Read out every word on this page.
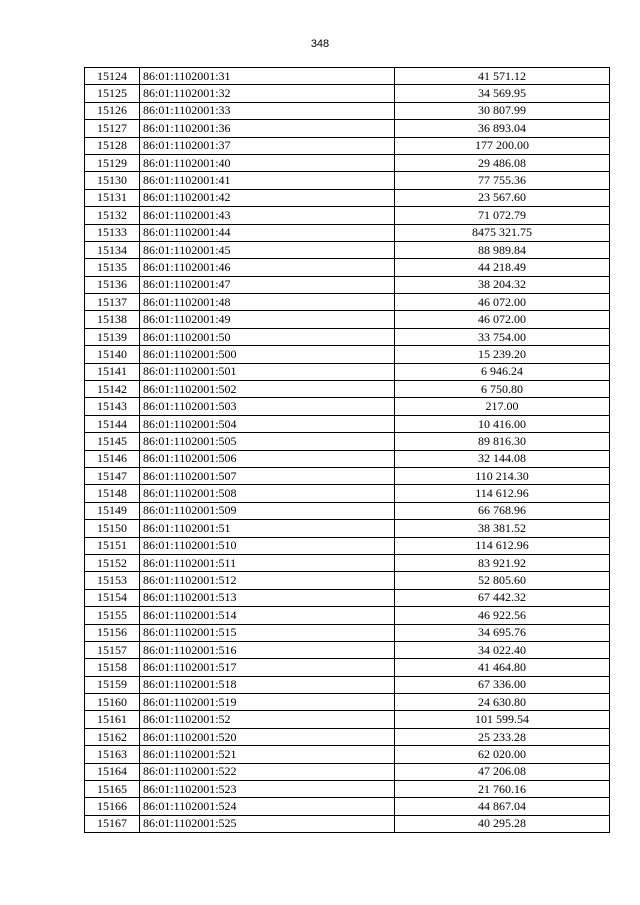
348
15124	86:01:1102001:31	41 571.12
15125	86:01:1102001:32	34 569.95
15126	86:01:1102001:33	30 807.99
15127	86:01:1102001:36	36 893.04
15128	86:01:1102001:37	177 200.00
15129	86:01:1102001:40	29 486.08
15130	86:01:1102001:41	77 755.36
15131	86:01:1102001:42	23 567.60
15132	86:01:1102001:43	71 072.79
15133	86:01:1102001:44	8475 321.75
15134	86:01:1102001:45	88 989.84
15135	86:01:1102001:46	44 218.49
15136	86:01:1102001:47	38 204.32
15137	86:01:1102001:48	46 072.00
15138	86:01:1102001:49	46 072.00
15139	86:01:1102001:50	33 754.00
15140	86:01:1102001:500	15 239.20
15141	86:01:1102001:501	6 946.24
15142	86:01:1102001:502	6 750.80
15143	86:01:1102001:503	217.00
15144	86:01:1102001:504	10 416.00
15145	86:01:1102001:505	89 816.30
15146	86:01:1102001:506	32 144.08
15147	86:01:1102001:507	110 214.30
15148	86:01:1102001:508	114 612.96
15149	86:01:1102001:509	66 768.96
15150	86:01:1102001:51	38 381.52
15151	86:01:1102001:510	114 612.96
15152	86:01:1102001:511	83 921.92
15153	86:01:1102001:512	52 805.60
15154	86:01:1102001:513	67 442.32
15155	86:01:1102001:514	46 922.56
15156	86:01:1102001:515	34 695.76
15157	86:01:1102001:516	34 022.40
15158	86:01:1102001:517	41 464.80
15159	86:01:1102001:518	67 336.00
15160	86:01:1102001:519	24 630.80
15161	86:01:1102001:52	101 599.54
15162	86:01:1102001:520	25 233.28
15163	86:01:1102001:521	62 020.00
15164	86:01:1102001:522	47 206.08
15165	86:01:1102001:523	21 760.16
15166	86:01:1102001:524	44 867.04
15167	86:01:1102001:525	40 295.28
